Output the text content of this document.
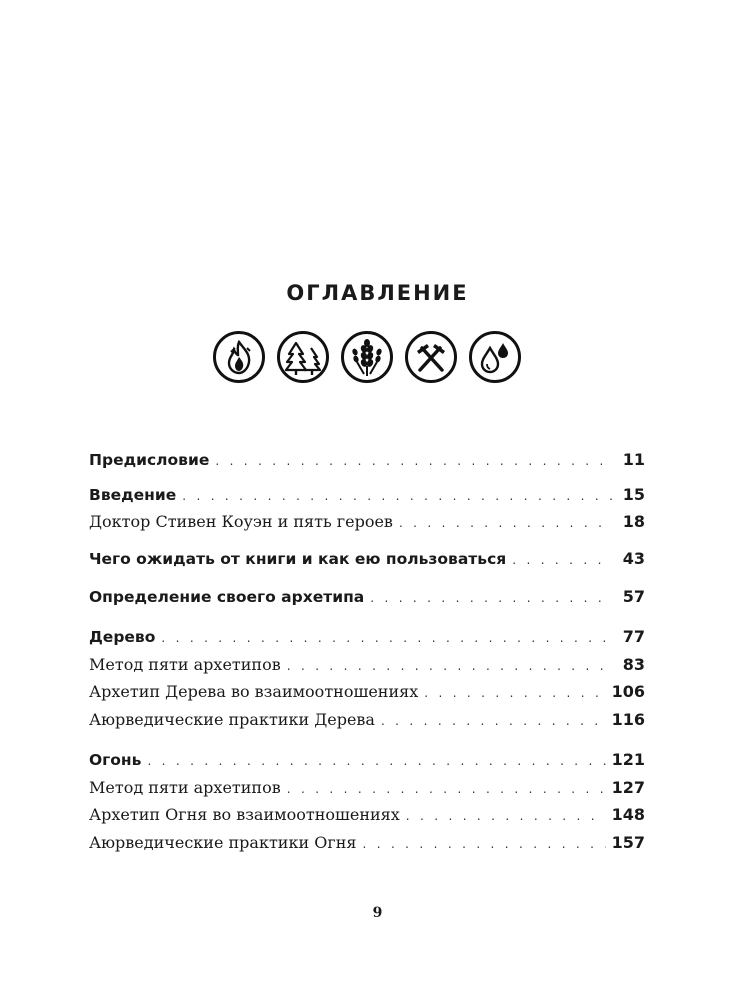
ОГЛАВЛЕНИЕ
Предисловие . . .	11
Введение . . .	15
Доктор Стивен Коуэн и пять героев . . .	18
Чего ожидать от книги и как ею пользоваться . . .	43
Определение своего архетипа . . .	57
Дерево . . .	77
Метод пяти архетипов . . .	83
Архетип Дерева во взаимоотношениях . . .	106
Аюрведические практики Дерева . . .	116
Огонь . . .	121
Метод пяти архетипов . . .	127
Архетип Огня во взаимоотношениях . . .	148
Аюрведические практики Огня . . .	157
9
